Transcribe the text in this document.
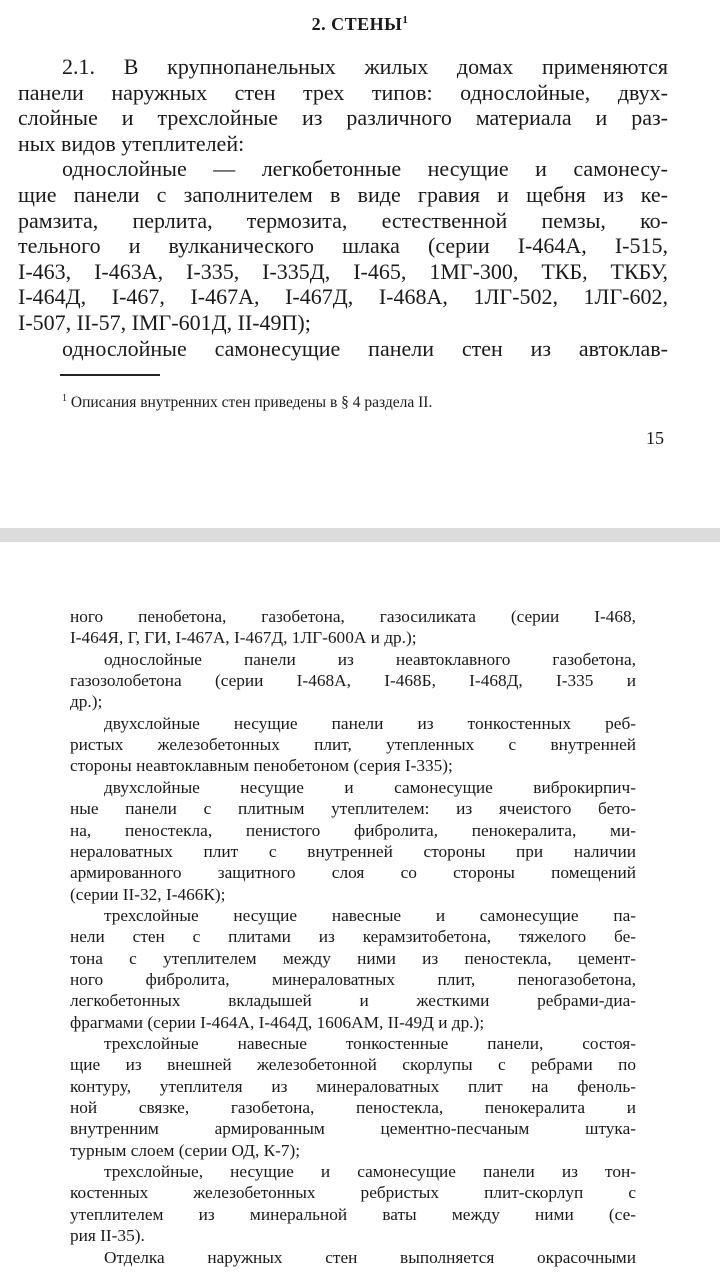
2. СТЕНЫ$^1$
2.1. В крупнопанельных жилых домах применяются
панели наружных стен трех типов: однослойные, двух-
слойные и трехслойные из различного материала и раз-
ных видов утеплителей:
однослойные — легкобетонные несущие и самонесу-
щие панели с заполнителем в виде гравия и щебня из ке-
рамзита, перлита, термозита, естественной пемзы, ко-
тельного и вулканического шлака (серии I-464A, I-515,
I-463, I-463A, I-335, I-335Д, I-465, 1МГ-300, ТКБ, ТКБУ,
I-464Д, I-467, I-467A, I-467Д, I-468A, 1ЛГ-502, 1ЛГ-602,
I-507, II-57, IМГ-601Д, II-49П);
однослойные самонесущие панели стен из автоклав-
$^1$ Описания внутренних стен приведены в § 4 раздела II.
15
ного пенобетона, газобетона, газосиликата (серии I-468,
I-464Я, Г, ГИ, I-467A, I-467Д, 1ЛГ-600А и др.);
однослойные панели из неавтоклавного газобетона,
газозолобетона (серии I-468A, I-468Б, I-468Д, I-335 и
др.);
двухслойные несущие панели из тонкостенных реб-
ристых железобетонных плит, утепленных с внутренней
стороны неавтоклавным пенобетоном (серия I-335);
двухслойные несущие и самонесущие виброкирпич-
ные панели с плитным утеплителем: из ячеистого бето-
на, пеностекла, пенистого фибролита, пенокералита, ми-
нераловатных плит с внутренней стороны при наличии
армированного защитного слоя со стороны помещений
(серии II-32, I-466К);
трехслойные несущие навесные и самонесущие па-
нели стен с плитами из керамзитобетона, тяжелого бе-
тона с утеплителем между ними из пеностекла, цемент-
ного фибролита, минераловатных плит, пеногазобетона,
легкобетонных вкладышей и жесткими ребрами-диа-
фрагмами (серии I-464A, I-464Д, 1606АМ, II-49Д и др.);
трехслойные навесные тонкостенные панели, состоя-
щие из внешней железобетонной скорлупы с ребрами по
контуру, утеплителя из минераловатных плит на феноль-
ной связке, газобетона, пеностекла, пенокералита и
внутренним армированным цементно-песчаным штука-
турным слоем (серии ОД, К-7);
трехслойные, несущие и самонесущие панели из тон-
костенных железобетонных ребристых плит-скорлуп с
утеплителем из минеральной ваты между ними (се-
рия II-35).
Отделка наружных стен выполняется окрасочными
